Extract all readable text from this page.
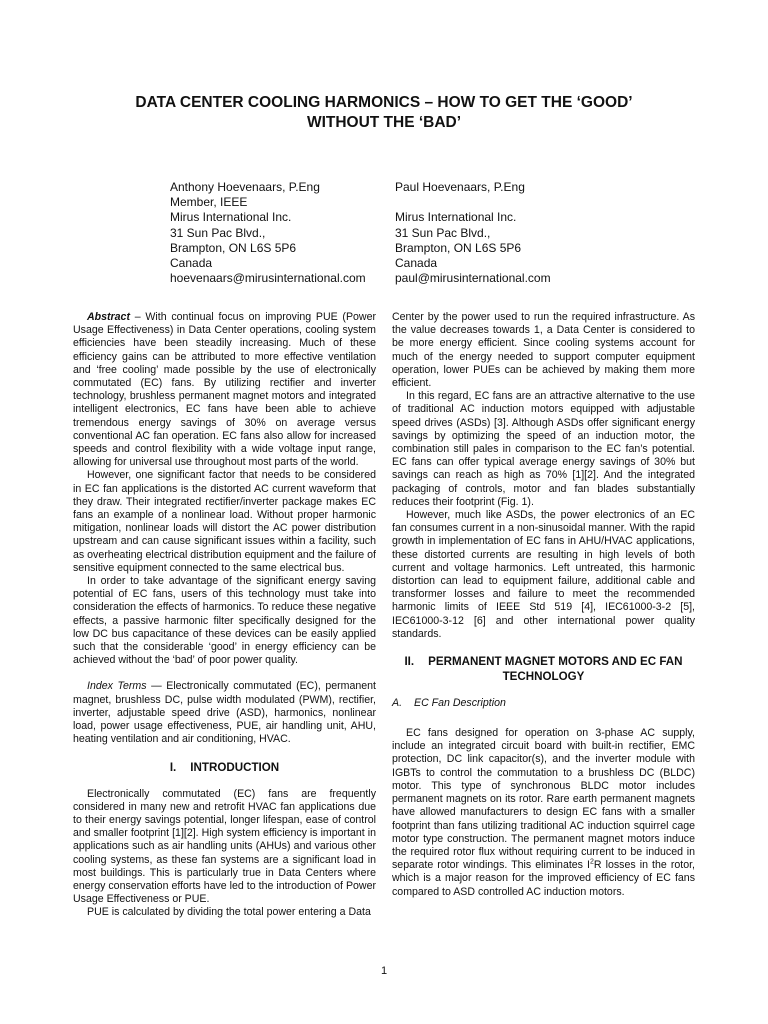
DATA CENTER COOLING HARMONICS – HOW TO GET THE ‘GOOD’
WITHOUT THE ‘BAD’
Anthony Hoevenaars, P.Eng
Member, IEEE
Mirus International Inc.
31 Sun Pac Blvd.,
Brampton, ON L6S 5P6
Canada
hoevenaars@mirusinternational.com
Paul Hoevenaars, P.Eng
Mirus International Inc.
31 Sun Pac Blvd.,
Brampton, ON L6S 5P6
Canada
paul@mirusinternational.com

Abstract – With continual focus on improving PUE (Power Usage Effectiveness) in Data Center operations, cooling system efficiencies have been steadily increasing. Much of these efficiency gains can be attributed to more effective ventilation and ‘free cooling’ made possible by the use of electronically commutated (EC) fans. By utilizing rectifier and inverter technology, brushless permanent magnet motors and integrated intelligent electronics, EC fans have been able to achieve tremendous energy savings of 30% on average versus conventional AC fan operation. EC fans also allow for increased speeds and control flexibility with a wide voltage input range, allowing for universal use throughout most parts of the world.

However, one significant factor that needs to be considered in EC fan applications is the distorted AC current waveform that they draw. Their integrated rectifier/inverter package makes EC fans an example of a nonlinear load. Without proper harmonic mitigation, nonlinear loads will distort the AC power distribution upstream and can cause significant issues within a facility, such as overheating electrical distribution equipment and the failure of sensitive equipment connected to the same electrical bus.

In order to take advantage of the significant energy saving potential of EC fans, users of this technology must take into consideration the effects of harmonics. To reduce these negative effects, a passive harmonic filter specifically designed for the low DC bus capacitance of these devices can be easily applied such that the considerable ‘good’ in energy efficiency can be achieved without the ‘bad’ of poor power quality.

Index Terms — Electronically commutated (EC), permanent magnet, brushless DC, pulse width modulated (PWM), rectifier, inverter, adjustable speed drive (ASD), harmonics, nonlinear load, power usage effectiveness, PUE, air handling unit, AHU, heating ventilation and air conditioning, HVAC.

I. INTRODUCTION

Electronically commutated (EC) fans are frequently considered in many new and retrofit HVAC fan applications due to their energy savings potential, longer lifespan, ease of control and smaller footprint [1][2]. High system efficiency is important in applications such as air handling units (AHUs) and various other cooling systems, as these fan systems are a significant load in most buildings. This is particularly true in Data Centers where energy conservation efforts have led to the introduction of Power Usage Effectiveness or PUE.

PUE is calculated by dividing the total power entering a Data

Center by the power used to run the required infrastructure. As the value decreases towards 1, a Data Center is considered to be more energy efficient. Since cooling systems account for much of the energy needed to support computer equipment operation, lower PUEs can be achieved by making them more efficient.

In this regard, EC fans are an attractive alternative to the use of traditional AC induction motors equipped with adjustable speed drives (ASDs) [3]. Although ASDs offer significant energy savings by optimizing the speed of an induction motor, the combination still pales in comparison to the EC fan’s potential. EC fans can offer typical average energy savings of 30% but savings can reach as high as 70% [1][2]. And the integrated packaging of controls, motor and fan blades substantially reduces their footprint (Fig. 1).

However, much like ASDs, the power electronics of an EC fan consumes current in a non-sinusoidal manner. With the rapid growth in implementation of EC fans in AHU/HVAC applications, these distorted currents are resulting in high levels of both current and voltage harmonics. Left untreated, this harmonic distortion can lead to equipment failure, additional cable and transformer losses and failure to meet the recommended harmonic limits of IEEE Std 519 [4], IEC61000-3-2 [5], IEC61000-3-12 [6] and other international power quality standards.

II. PERMANENT MAGNET MOTORS AND EC FAN
TECHNOLOGY
A. EC Fan Description

EC fans designed for operation on 3-phase AC supply, include an integrated circuit board with built-in rectifier, EMC protection, DC link capacitor(s), and the inverter module with IGBTs to control the commutation to a brushless DC (BLDC) motor. This type of synchronous BLDC motor includes permanent magnets on its rotor. Rare earth permanent magnets have allowed manufacturers to design EC fans with a smaller footprint than fans utilizing traditional AC induction squirrel cage motor type construction. The permanent magnet motors induce the required rotor flux without requiring current to be induced in separate rotor windings. This eliminates $I^2R$ losses in the rotor, which is a major reason for the improved efficiency of EC fans compared to ASD controlled AC induction motors.

1
